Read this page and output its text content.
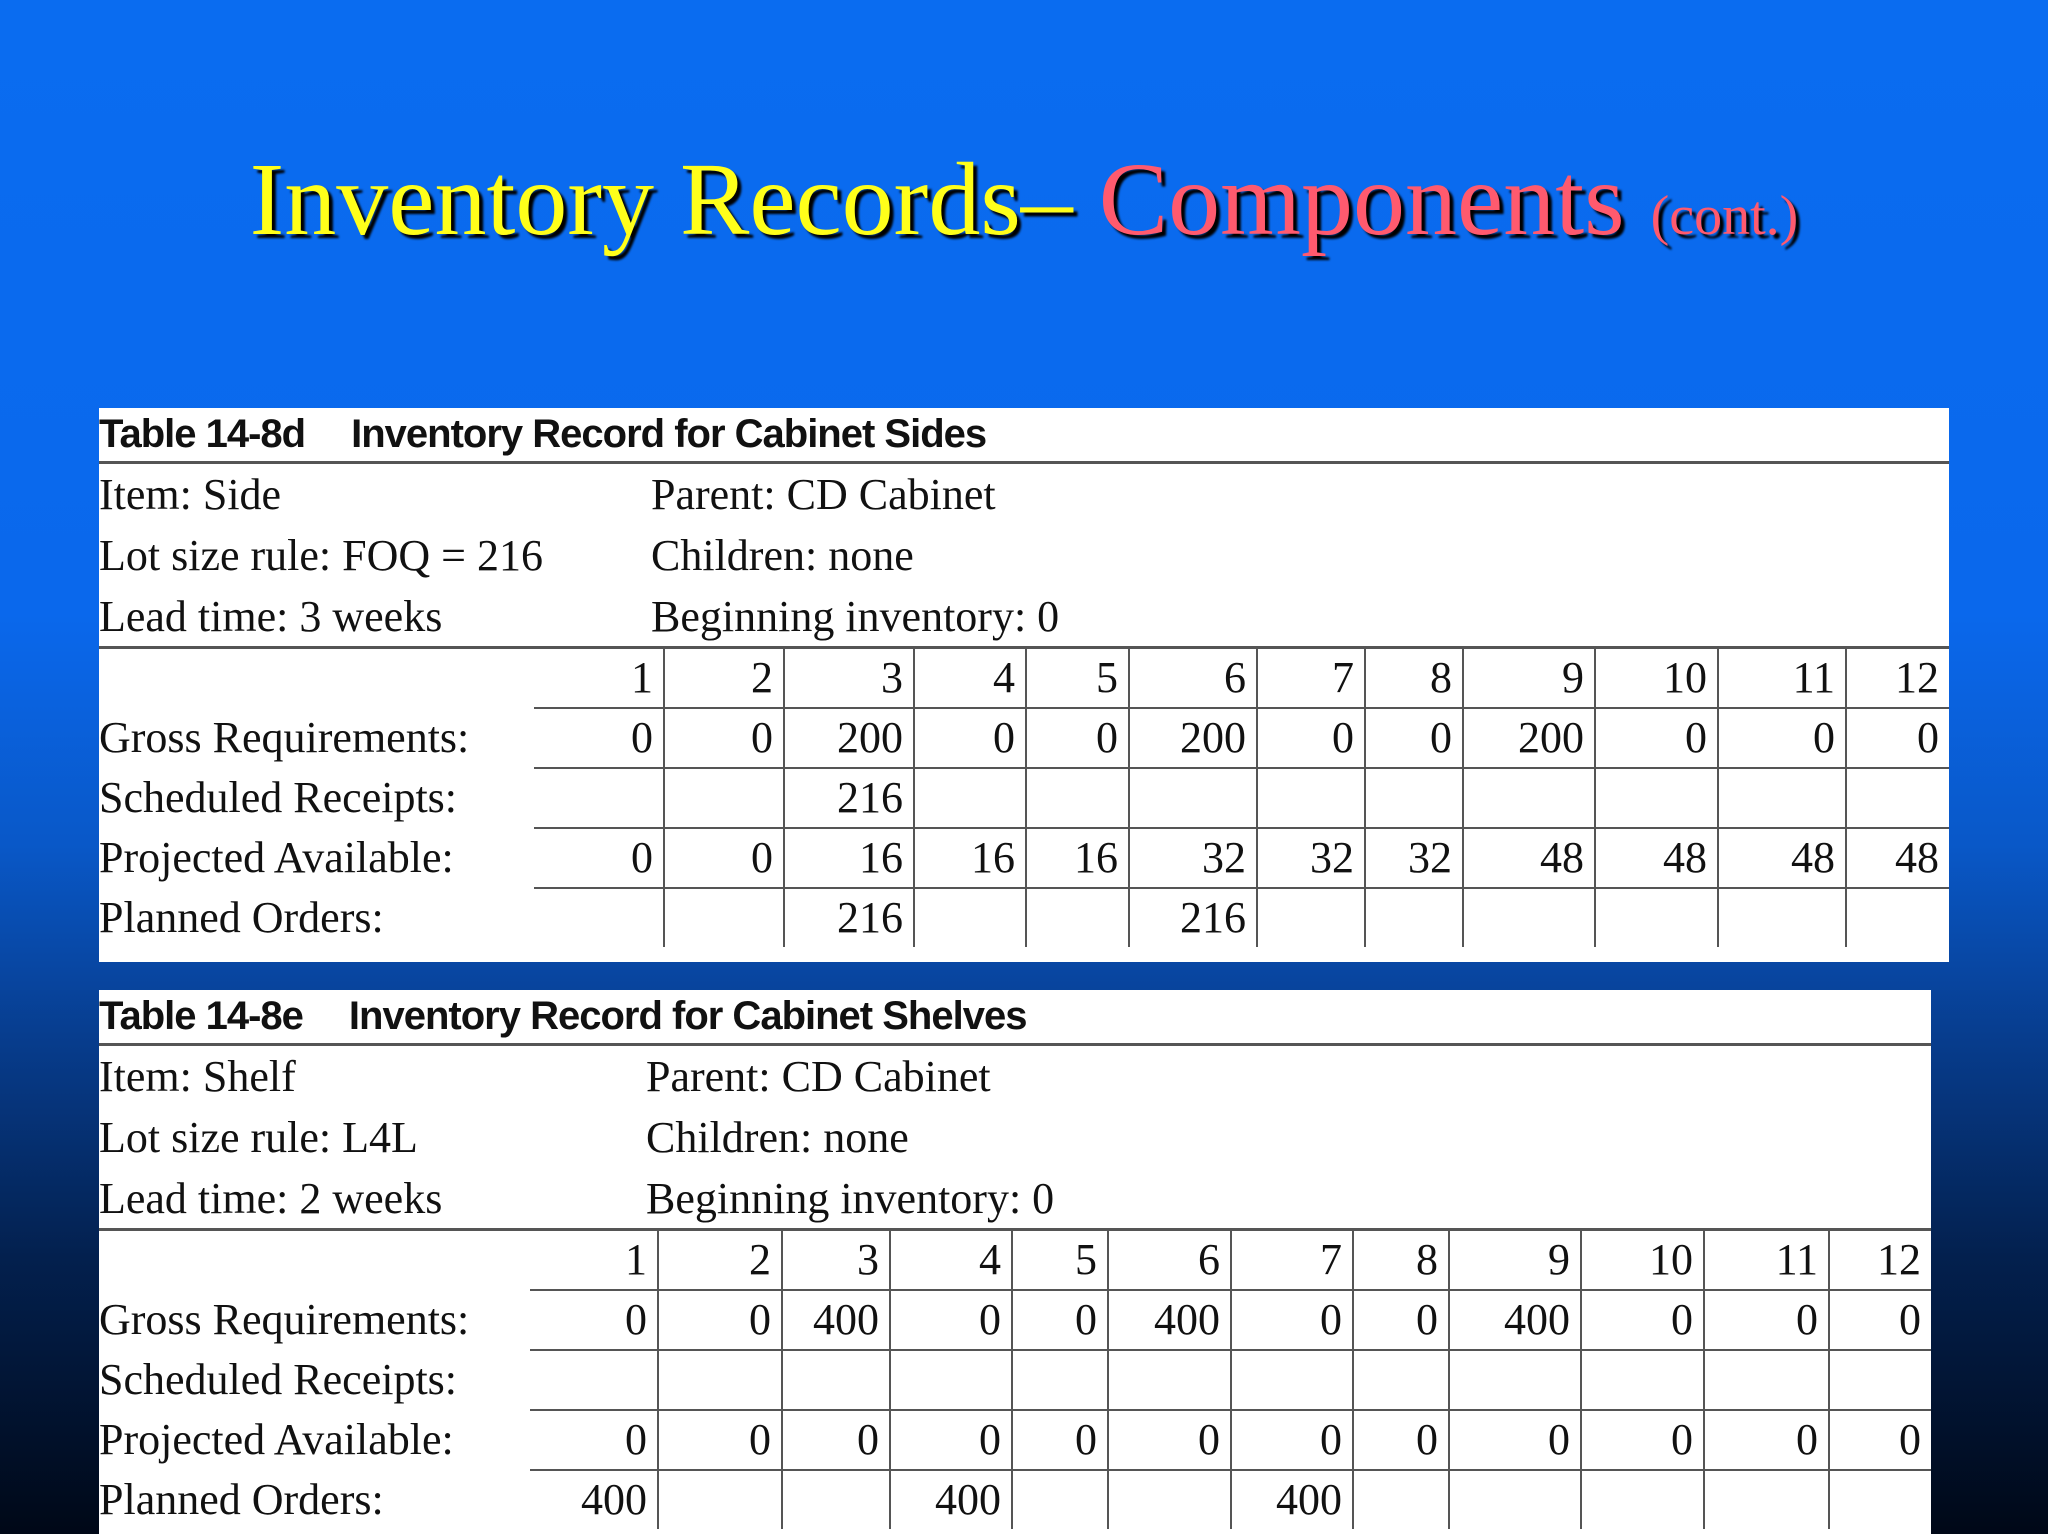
Inventory Records– Components (cont.)
Table 14-8d Inventory Record for Cabinet Sides
Item: Side
Lot size rule: FOQ = 216
Lead time: 3 weeks
Parent: CD Cabinet
Children: none
Beginning inventory: 0
	1	2	3	4	5	6	7	8	9	10	11	12
Gross Requirements:	0	0	200	0	0	200	0	0	200	0	0	0
Scheduled Receipts:			216									
Projected Available:	0	0	16	16	16	32	32	32	48	48	48	48
Planned Orders:			216			216						
Table 14-8e Inventory Record for Cabinet Shelves
Item: Shelf
Lot size rule: L4L
Lead time: 2 weeks
Parent: CD Cabinet
Children: none
Beginning inventory: 0
	1	2	3	4	5	6	7	8	9	10	11	12
Gross Requirements:	0	0	400	0	0	400	0	0	400	0	0	0
Scheduled Receipts:												
Projected Available:	0	0	0	0	0	0	0	0	0	0	0	0
Planned Orders:	400			400			400					
